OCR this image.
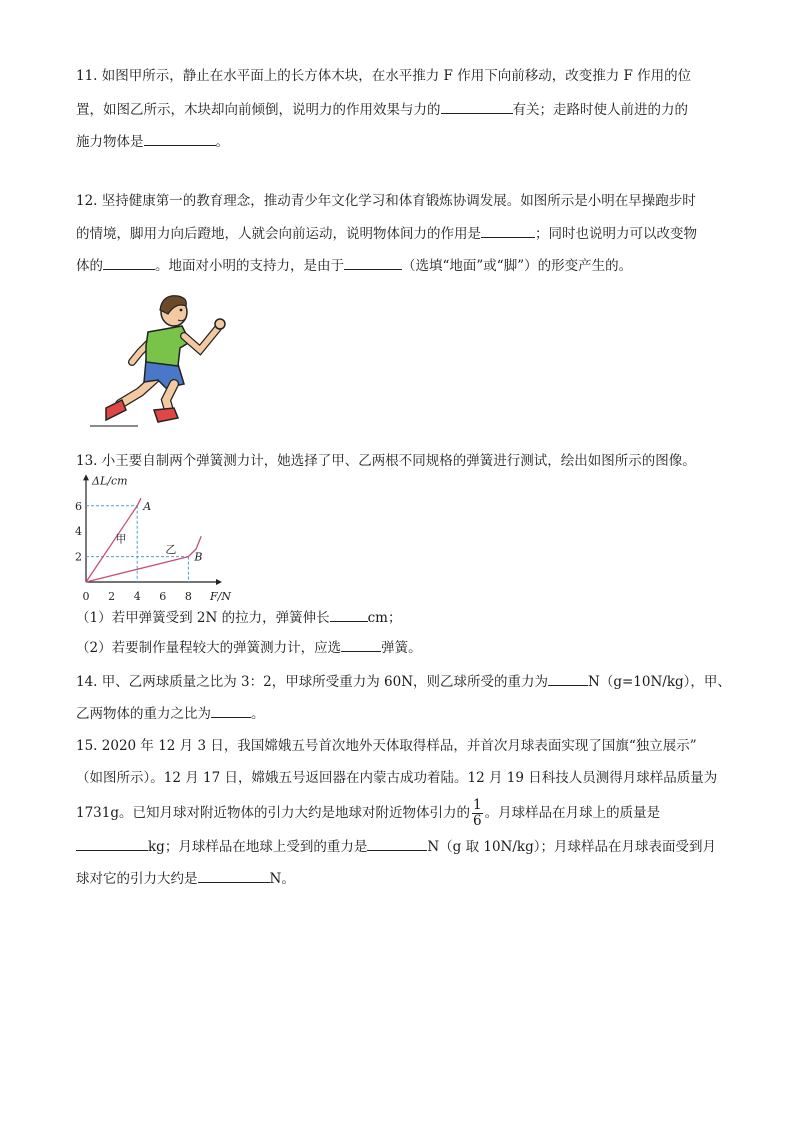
11. 如图甲所示，静止在水平面上的长方体木块，在水平推力 F 作用下向前移动，改变推力 F 作用的位
置，如图乙所示，木块却向前倾倒，说明力的作用效果与力的	有关；走路时使人前进的力的
施力物体是	。
12. 坚持健康第一的教育理念，推动青少年文化学习和体育锻炼协调发展。如图所示是小明在早操跑步时
的情境，脚用力向后蹬地，人就会向前运动，说明物体间力的作用是	；同时也说明力可以改变物
体的	。地面对小明的支持力，是由于	（选填“地面”或“脚”）的形变产生的。
13. 小王要自制两个弹簧测力计，她选择了甲、乙两根不同规格的弹簧进行测试，绘出如图所示的图像。
ΔL/cm
F/N
0 2 4 6 8
2
4
6
甲
乙
A
B
（1）若甲弹簧受到 2N 的拉力，弹簧伸长	cm；
（2）若要制作量程较大的弹簧测力计，应选	弹簧。
14. 甲、乙两球质量之比为 3：2，甲球所受重力为 60N，则乙球所受的重力为	N（g=10N/kg），甲、
乙两物体的重力之比为	。
15. 2020 年 12 月 3 日，我国嫦娥五号首次地外天体取得样品，并首次月球表面实现了国旗“独立展示”
（如图所示）。12 月 17 日，嫦娥五号返回器在内蒙古成功着陆。12 月 19 日科技人员测得月球样品质量为
1731g。已知月球对附近物体的引力大约是地球对附近物体引力的 $\frac{1}{6}$ 。月球样品在月球上的质量是
kg；月球样品在地球上受到的重力是	N（g 取 10N/kg）；月球样品在月球表面受到月
球对它的引力大约是	N。
